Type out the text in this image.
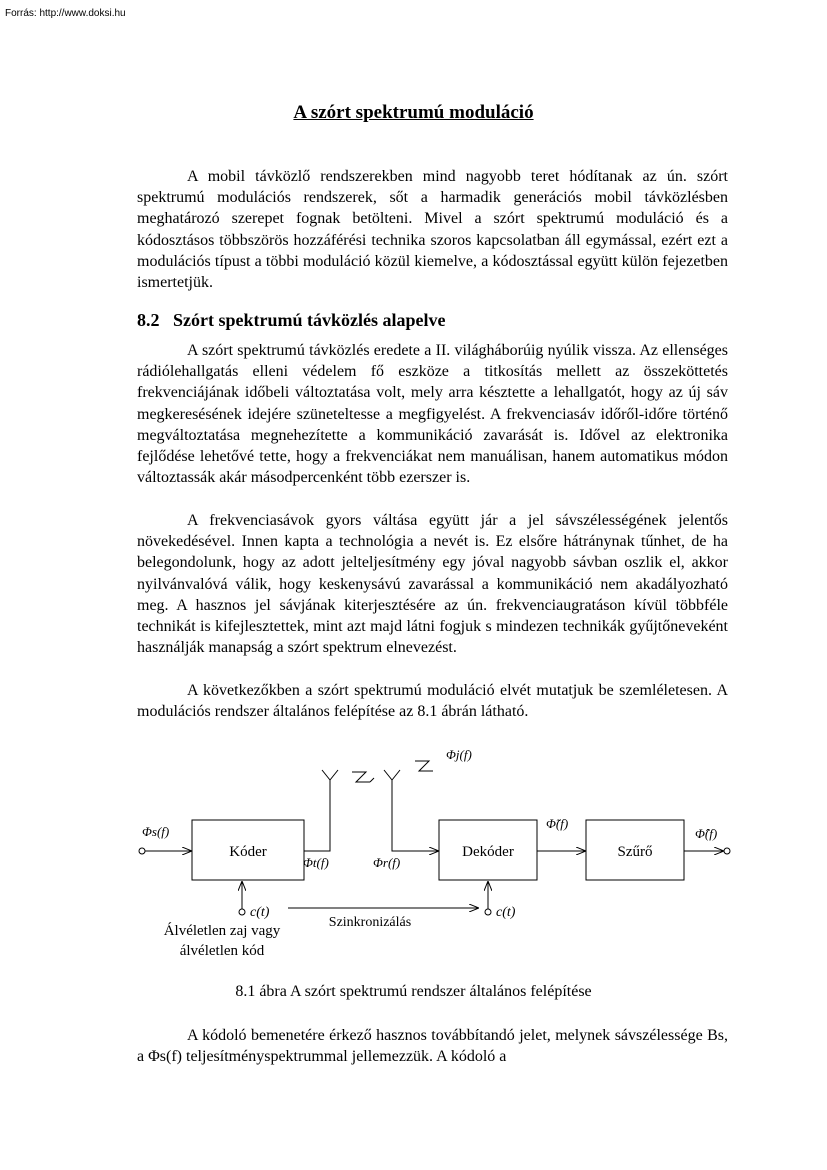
Forrás: http://www.doksi.hu
A szórt spektrumú moduláció

A mobil távközlő rendszerekben mind nagyobb teret hódítanak az ún. szórt spektrumú modulációs rendszerek, sőt a harmadik generációs mobil távközlésben meghatározó szerepet fognak betölteni. Mivel a szórt spektrumú moduláció és a kódosztásos többszörös hozzáférési technika szoros kapcsolatban áll egymással, ezért ezt a modulációs típust a többi moduláció közül kiemelve, a kódosztással együtt külön fejezetben ismertetjük.

8.2 Szórt spektrumú távközlés alapelve

A szórt spektrumú távközlés eredete a II. világháborúig nyúlik vissza. Az ellenséges rádiólehallgatás elleni védelem fő eszköze a titkosítás mellett az összeköttetés frekvenciájának időbeli változtatása volt, mely arra késztette a lehallgatót, hogy az új sáv megkeresésének idejére szüneteltesse a megfigyelést. A frekvenciasáv időről-időre történő megváltoztatása megnehezítette a kommunikáció zavarását is. Idővel az elektronika fejlődése lehetővé tette, hogy a frekvenciákat nem manuálisan, hanem automatikus módon változtassák akár másodpercenként több ezerszer is.

A frekvenciasávok gyors váltása együtt jár a jel sávszélességének jelentős növekedésével. Innen kapta a technológia a nevét is. Ez elsőre hátránynak tűnhet, de ha belegondolunk, hogy az adott jelteljesítmény egy jóval nagyobb sávban oszlik el, akkor nyilvánvalóvá válik, hogy keskenysávú zavarással a kommunikáció nem akadályozható meg. A hasznos jel sávjának kiterjesztésére az ún. frekvenciaugratáson kívül többféle technikát is kifejlesztettek, mint azt majd látni fogjuk s mindezen technikák gyűjtőneveként használják manapság a szórt spektrum elnevezést.

A következőkben a szórt spektrumú moduláció elvét mutatjuk be szemléletesen. A modulációs rendszer általános felépítése az 8.1 ábrán látható.

Φs(f)
Kóder
Φt(f)	Φr(f)
Φj(f)
Dekóder
Φ̃(f)
Szűrő
Φ̂(f)
c(t)
Szinkronizálás
c(t)
Álvéletlen zaj vagy
álvéletlen kód
8.1 ábra A szórt spektrumú rendszer általános felépítése

A kódoló bemenetére érkező hasznos továbbítandó jelet, melynek sávszélessége Bs, a Φs(f) teljesítményspektrummal jellemezzük. A kódoló a
